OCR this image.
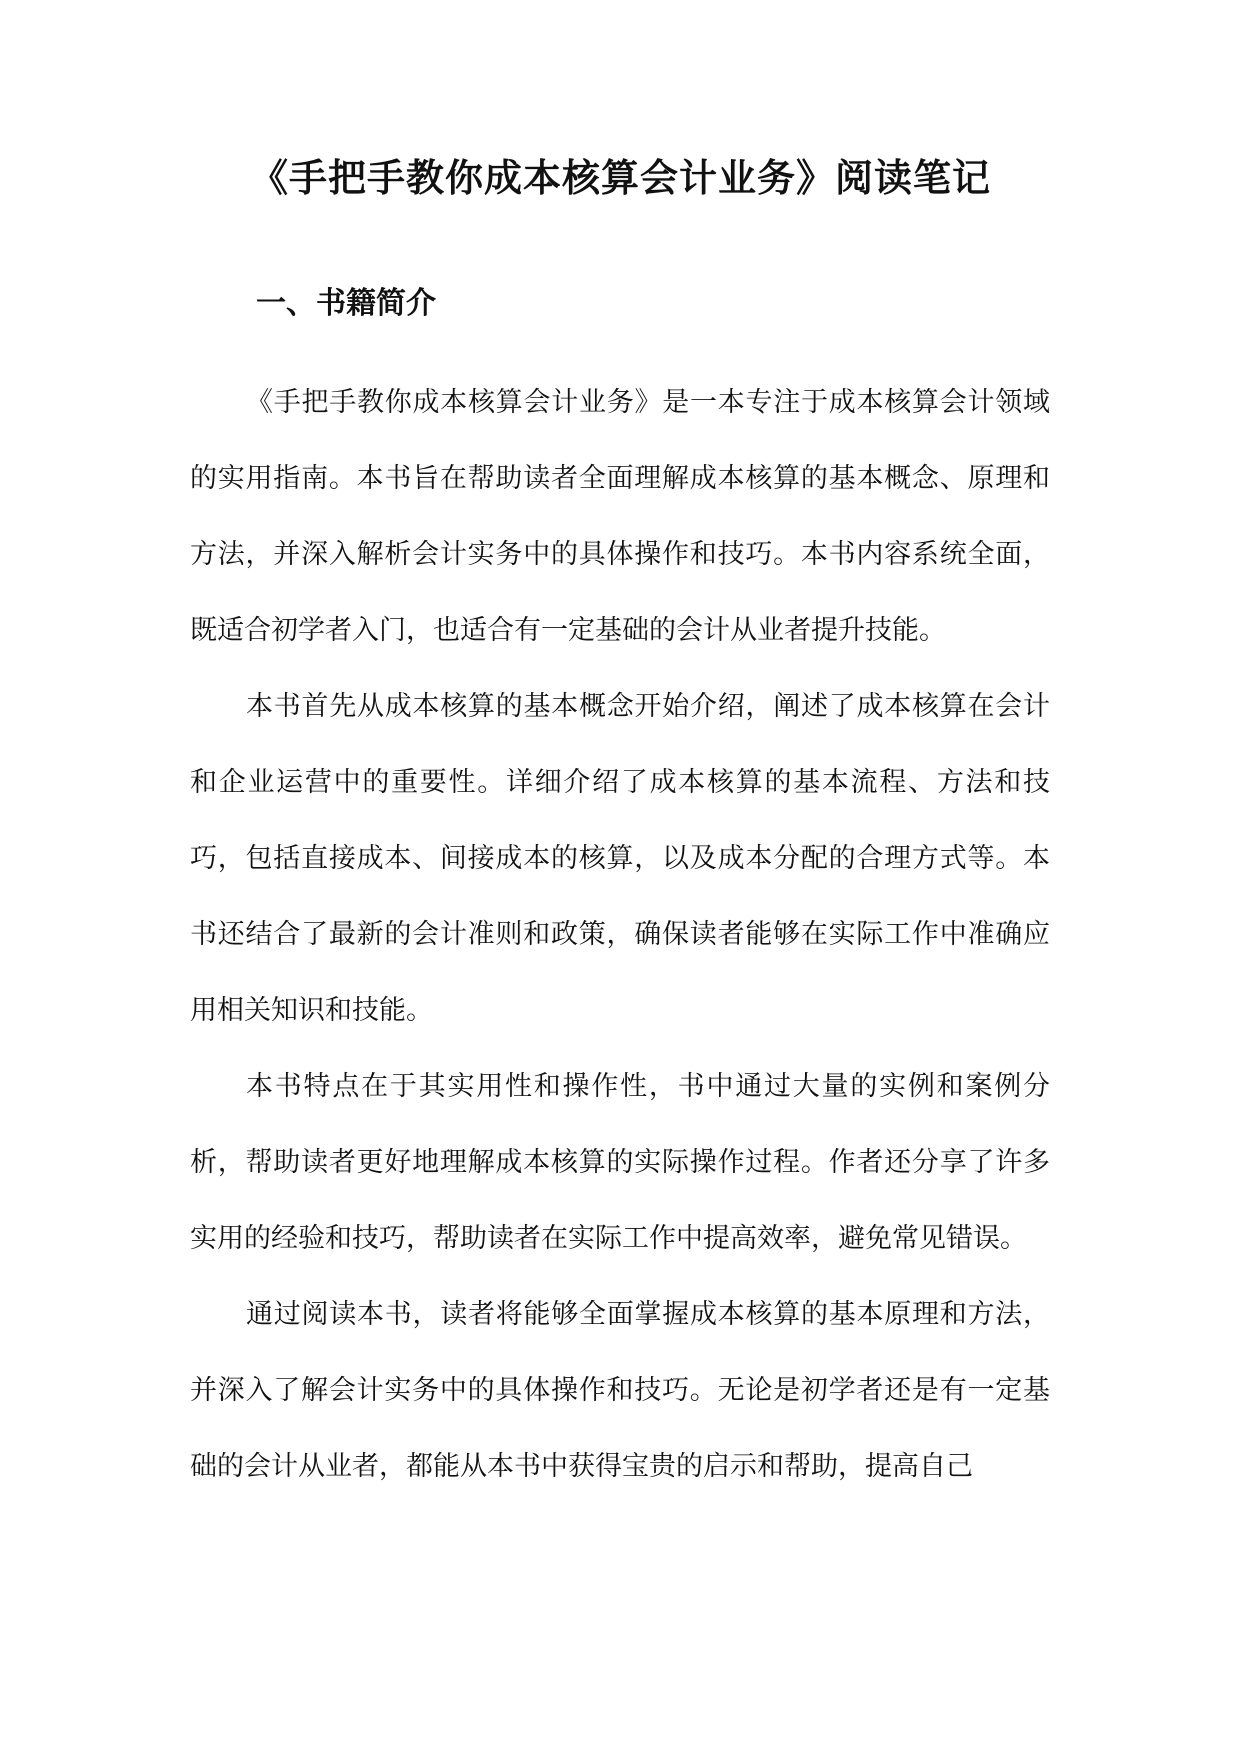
《手把手教你成本核算会计业务》阅读笔记
一、书籍简介

《手把手教你成本核算会计业务》是一本专注于成本核算会计领域的实用指南。本书旨在帮助读者全面理解成本核算的基本概念、原理和方法，并深入解析会计实务中的具体操作和技巧。本书内容系统全面，既适合初学者入门，也适合有一定基础的会计从业者提升技能。

本书首先从成本核算的基本概念开始介绍，阐述了成本核算在会计和企业运营中的重要性。详细介绍了成本核算的基本流程、方法和技巧，包括直接成本、间接成本的核算，以及成本分配的合理方式等。本书还结合了最新的会计准则和政策，确保读者能够在实际工作中准确应用相关知识和技能。

本书特点在于其实用性和操作性，书中通过大量的实例和案例分析，帮助读者更好地理解成本核算的实际操作过程。作者还分享了许多实用的经验和技巧，帮助读者在实际工作中提高效率，避免常见错误。

通过阅读本书，读者将能够全面掌握成本核算的基本原理和方法，并深入了解会计实务中的具体操作和技巧。无论是初学者还是有一定基础的会计从业者，都能从本书中获得宝贵的启示和帮助，提高自己
